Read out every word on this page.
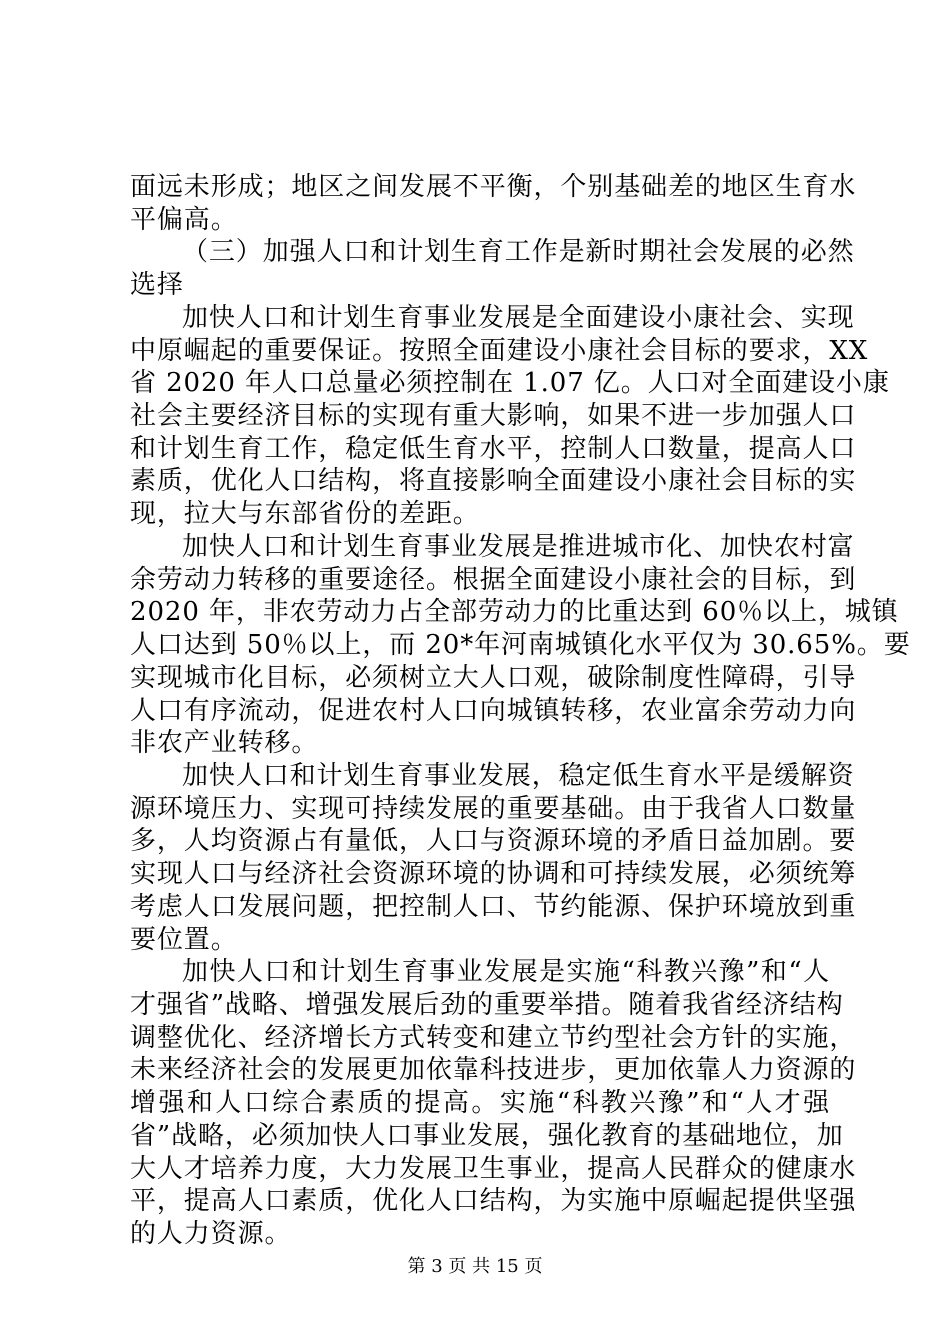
面远未形成；地区之间发展不平衡，个别基础差的地区生育水
平偏高。
（三）加强人口和计划生育工作是新时期社会发展的必然
选择
加快人口和计划生育事业发展是全面建设小康社会、实现
中原崛起的重要保证。按照全面建设小康社会目标的要求，XX
省 2020 年人口总量必须控制在 1.07 亿。人口对全面建设小康
社会主要经济目标的实现有重大影响，如果不进一步加强人口
和计划生育工作，稳定低生育水平，控制人口数量，提高人口
素质，优化人口结构，将直接影响全面建设小康社会目标的实
现，拉大与东部省份的差距。
加快人口和计划生育事业发展是推进城市化、加快农村富
余劳动力转移的重要途径。根据全面建设小康社会的目标，到
2020 年，非农劳动力占全部劳动力的比重达到 60％以上，城镇
人口达到 50％以上，而 20*年河南城镇化水平仅为 30.65%。要
实现城市化目标，必须树立大人口观，破除制度性障碍，引导
人口有序流动，促进农村人口向城镇转移，农业富余劳动力向
非农产业转移。
加快人口和计划生育事业发展，稳定低生育水平是缓解资
源环境压力、实现可持续发展的重要基础。由于我省人口数量
多，人均资源占有量低，人口与资源环境的矛盾日益加剧。要
实现人口与经济社会资源环境的协调和可持续发展，必须统筹
考虑人口发展问题，把控制人口、节约能源、保护环境放到重
要位置。
加快人口和计划生育事业发展是实施“科教兴豫”和“人
才强省”战略、增强发展后劲的重要举措。随着我省经济结构
调整优化、经济增长方式转变和建立节约型社会方针的实施，
未来经济社会的发展更加依靠科技进步，更加依靠人力资源的
增强和人口综合素质的提高。实施“科教兴豫”和“人才强
省”战略，必须加快人口事业发展，强化教育的基础地位，加
大人才培养力度，大力发展卫生事业，提高人民群众的健康水
平，提高人口素质，优化人口结构，为实施中原崛起提供坚强
的人力资源。
第 3 页 共 15 页
